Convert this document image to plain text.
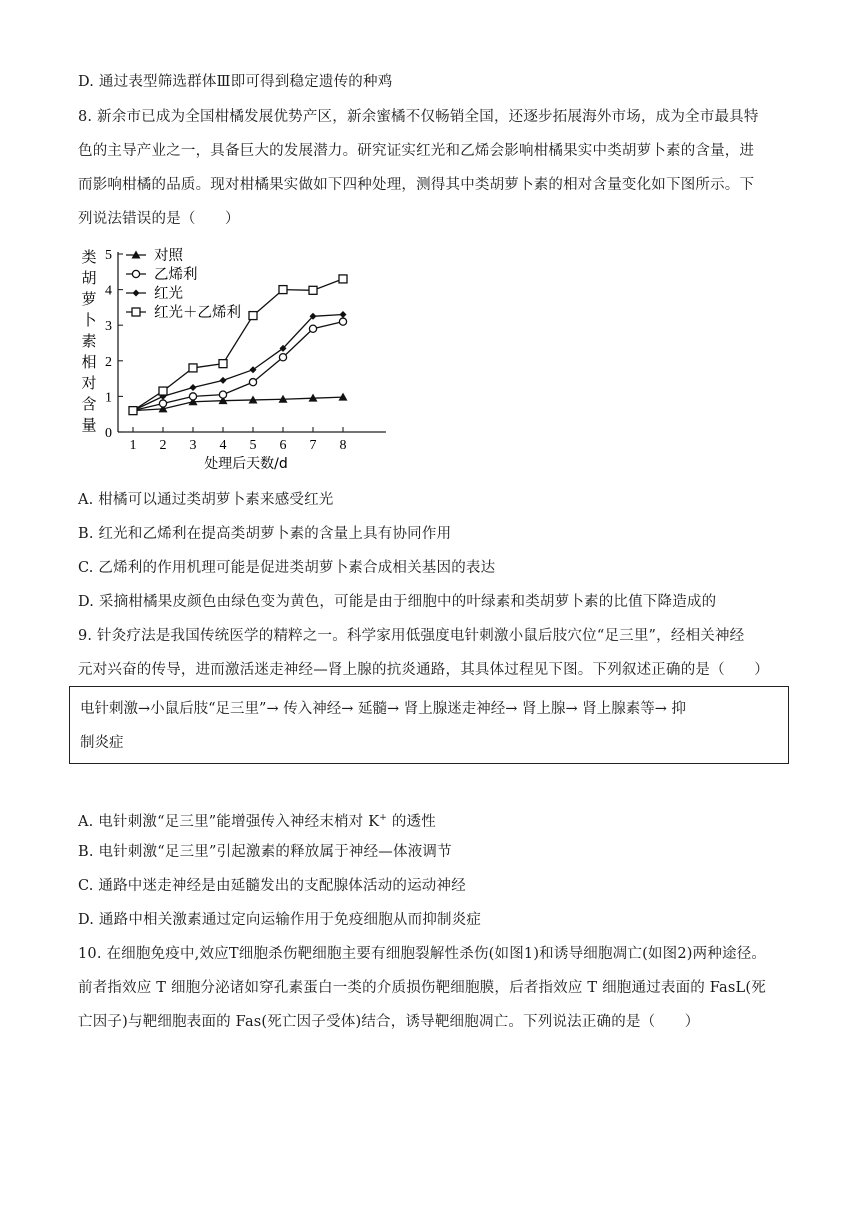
D. 通过表型筛选群体Ⅲ即可得到稳定遗传的种鸡
8. 新余市已成为全国柑橘发展优势产区，新余蜜橘不仅畅销全国，还逐步拓展海外市场，成为全市最具特
色的主导产业之一，具备巨大的发展潜力。研究证实红光和乙烯会影响柑橘果实中类胡萝卜素的含量，进
而影响柑橘的品质。现对柑橘果实做如下四种处理，测得其中类胡萝卜素的相对含量变化如下图所示。下
列说法错误的是（　　）
0
1
2
3
4
5
1 2 3 4 5 6 7 8
类
胡
萝
卜
素
相
对
含
量
处理后天数/d
对照
乙烯利
红光
红光＋乙烯利
A. 柑橘可以通过类胡萝卜素来感受红光
B. 红光和乙烯利在提高类胡萝卜素的含量上具有协同作用
C. 乙烯利的作用机理可能是促进类胡萝卜素合成相关基因的表达
D. 采摘柑橘果皮颜色由绿色变为黄色，可能是由于细胞中的叶绿素和类胡萝卜素的比值下降造成的
9. 针灸疗法是我国传统医学的精粹之一。科学家用低强度电针刺激小鼠后肢穴位“足三里”，经相关神经
元对兴奋的传导，进而激活迷走神经—肾上腺的抗炎通路，其具体过程见下图。下列叙述正确的是（　　）
电针刺激→小鼠后肢“足三里”→ 传入神经→ 延髓→ 肾上腺迷走神经→ 肾上腺→ 肾上腺素等→ 抑
制炎症
A. 电针刺激“足三里”能增强传入神经末梢对 K+ 的透性
B. 电针刺激“足三里”引起激素的释放属于神经—体液调节
C. 通路中迷走神经是由延髓发出的支配腺体活动的运动神经
D. 通路中相关激素通过定向运输作用于免疫细胞从而抑制炎症
10. 在细胞免疫中,效应T细胞杀伤靶细胞主要有细胞裂解性杀伤(如图1)和诱导细胞凋亡(如图2)两种途径。
前者指效应 T 细胞分泌诸如穿孔素蛋白一类的介质损伤靶细胞膜，后者指效应 T 细胞通过表面的 FasL(死
亡因子)与靶细胞表面的 Fas(死亡因子受体)结合，诱导靶细胞凋亡。下列说法正确的是（　　）
